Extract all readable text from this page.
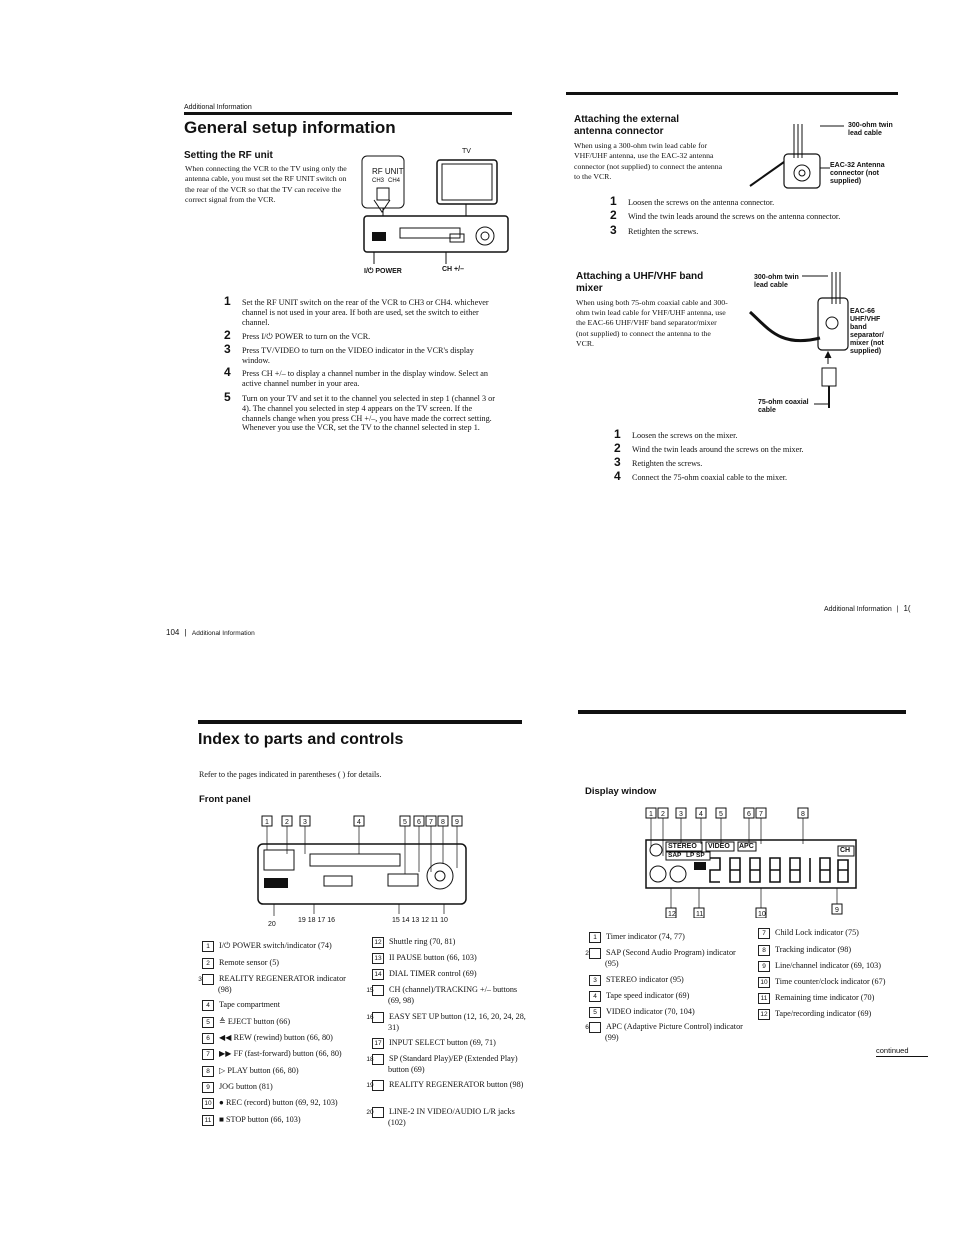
Additional Information
General setup information
Setting the RF unit
When connecting the VCR to the TV using only the antenna cable, you must set the RF UNIT switch on the rear of the VCR so that the TV can receive the correct signal from the VCR.
TV
RF UNIT
CH3 CH4
I/⏻ POWER	CH +/–
1 Set the RF UNIT switch on the rear of the VCR to CH3 or CH4. whichever channel is not used in your area. If both are used, set the switch to either channel.
2 Press I/⏻ POWER to turn on the VCR.
3 Press TV/VIDEO to turn on the VIDEO indicator in the VCR's display window.
4 Press CH +/– to display a channel number in the display window. Select an active channel number in your area.
5 Turn on your TV and set it to the channel you selected in step 1 (channel 3 or 4). The channel you selected in step 4 appears on the TV screen. If the channels change when you press CH +/–, you have made the correct setting. Whenever you use the VCR, set the TV to the channel selected in step 1.
104 | Additional Information
Attaching the external antenna connector
When using a 300-ohm twin lead cable for VHF/UHF antenna, use the EAC-32 antenna connector (not supplied) to connect the antenna to the VCR.
300-ohm twin lead cable
EAC-32 Antenna connector (not supplied)
1 Loosen the screws on the antenna connector.
2 Wind the twin leads around the screws on the antenna connector.
3 Retighten the screws.
Attaching a UHF/VHF band mixer
When using both 75-ohm coaxial cable and 300-ohm twin lead cable for VHF/UHF antenna, use the EAC-66 UHF/VHF band separator/mixer (not supplied) to connect the antenna to the VCR.
300-ohm twin lead cable
EAC-66 UHF/VHF band separator/ mixer (not supplied)
75-ohm coaxial cable
1 Loosen the screws on the mixer.
2 Wind the twin leads around the screws on the mixer.
3 Retighten the screws.
4 Connect the 75-ohm coaxial cable to the mixer.
Additional Information | 1(
Index to parts and controls
Refer to the pages indicated in parentheses ( ) for details.
Front panel
1 2 3	4	5 6 7 8 9
20
19 18 17 16	15 14 13 12 11 10
1 I/⏻ POWER switch/indicator (74)
2 Remote sensor (5)
3 REALITY REGENERATOR indicator (98)
4 Tape compartment
5 ≜ EJECT button (66)
6 ◀◀ REW (rewind) button (66, 80)
7 ▶▶ FF (fast-forward) button (66, 80)
8 ▷ PLAY button (66, 80)
9 JOG button (81)
10 ● REC (record) button (69, 92, 103)
11 ■ STOP button (66, 103)
12 Shuttle ring (70, 81)
13 II PAUSE button (66, 103)
14 DIAL TIMER control (69)
15 CH (channel)/TRACKING +/– buttons (69, 98)
16 EASY SET UP button (12, 16, 20, 24, 28, 31)
17 INPUT SELECT button (69, 71)
18 SP (Standard Play)/EP (Extended Play) button (69)
19 REALITY REGENERATOR button (98)
20 LINE-2 IN VIDEO/AUDIO L/R jacks (102)
Display window
1 2 3 4 5	6 7	8
12	11	10
9
STEREO VIDEO APC
SAP LP SP
EP
CH
1 Timer indicator (74, 77)
2 SAP (Second Audio Program) indicator (95)
3 STEREO indicator (95)
4 Tape speed indicator (69)
5 VIDEO indicator (70, 104)
6 APC (Adaptive Picture Control) indicator (99)
7 Child Lock indicator (75)
8 Tracking indicator (98)
9 Line/channel indicator (69, 103)
10 Time counter/clock indicator (67)
11 Remaining time indicator (70)
12 Tape/recording indicator (69)
continued
